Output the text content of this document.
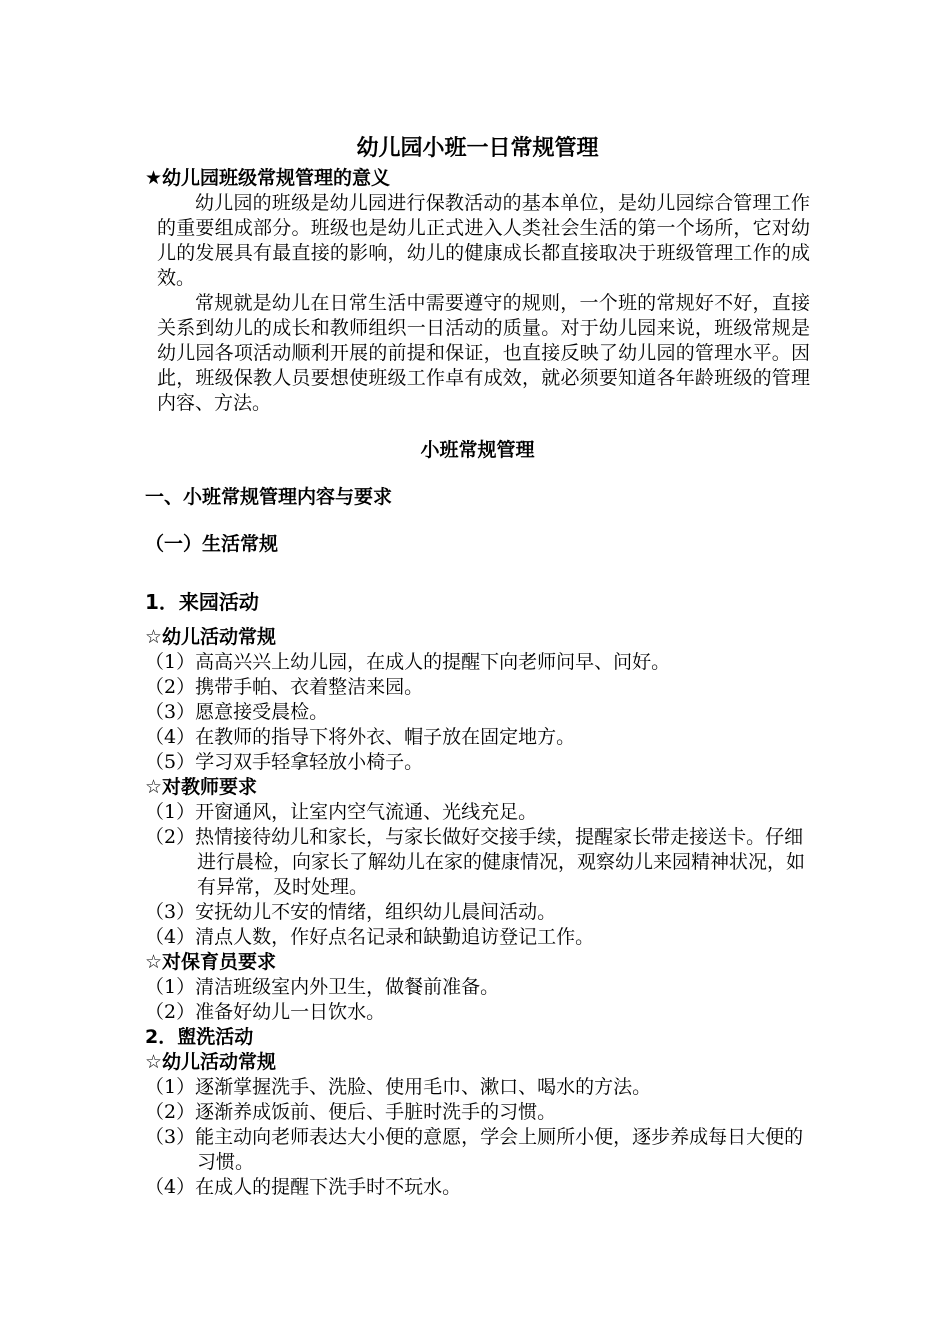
幼儿园小班一日常规管理

★幼儿园班级常规管理的意义

幼儿园的班级是幼儿园进行保教活动的基本单位，是幼儿园综合管理工作的重要组成部分。班级也是幼儿正式进入人类社会生活的第一个场所，它对幼儿的发展具有最直接的影响，幼儿的健康成长都直接取决于班级管理工作的成效。

常规就是幼儿在日常生活中需要遵守的规则，一个班的常规好不好，直接关系到幼儿的成长和教师组织一日活动的质量。对于幼儿园来说，班级常规是幼儿园各项活动顺利开展的前提和保证，也直接反映了幼儿园的管理水平。因此，班级保教人员要想使班级工作卓有成效，就必须要知道各年龄班级的管理内容、方法。

小班常规管理

一、小班常规管理内容与要求

（一）生活常规

1．来园活动

☆幼儿活动常规

（1）高高兴兴上幼儿园，在成人的提醒下向老师问早、问好。

（2）携带手帕、衣着整洁来园。

（3）愿意接受晨检。

（4）在教师的指导下将外衣、帽子放在固定地方。

（5）学习双手轻拿轻放小椅子。

☆对教师要求

（1）开窗通风，让室内空气流通、光线充足。

（2）热情接待幼儿和家长，与家长做好交接手续，提醒家长带走接送卡。仔细进行晨检，向家长了解幼儿在家的健康情况，观察幼儿来园精神状况，如有异常，及时处理。

（3）安抚幼儿不安的情绪，组织幼儿晨间活动。

（4）清点人数，作好点名记录和缺勤追访登记工作。

☆对保育员要求

（1）清洁班级室内外卫生，做餐前准备。

（2）准备好幼儿一日饮水。

2．盥洗活动

☆幼儿活动常规

（1）逐渐掌握洗手、洗脸、使用毛巾、漱口、喝水的方法。

（2）逐渐养成饭前、便后、手脏时洗手的习惯。

（3）能主动向老师表达大小便的意愿，学会上厕所小便，逐步养成每日大便的习惯。

（4）在成人的提醒下洗手时不玩水。
